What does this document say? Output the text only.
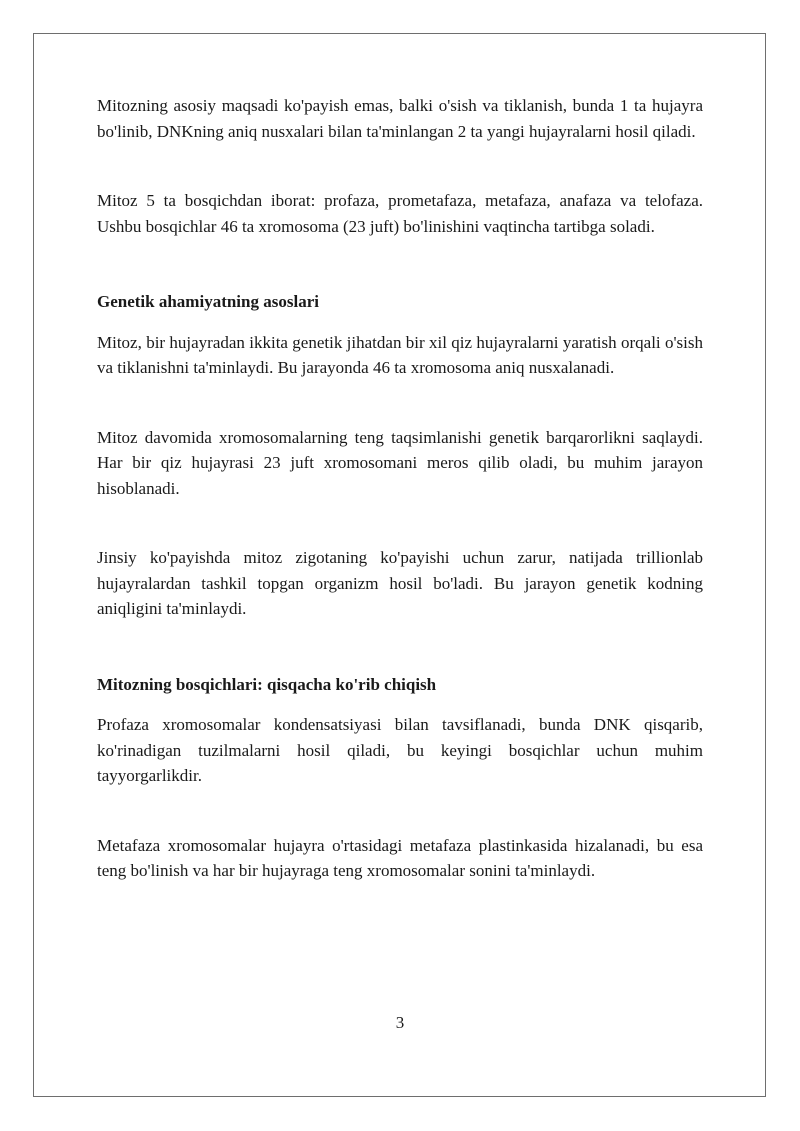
Mitozning asosiy maqsadi ko'payish emas, balki o'sish va tiklanish, bunda 1 ta hujayra bo'linib, DNKning aniq nusxalari bilan ta'minlangan 2 ta yangi hujayralarni hosil qiladi.

Mitoz 5 ta bosqichdan iborat: profaza, prometafaza, metafaza, anafaza va telofaza. Ushbu bosqichlar 46 ta xromosoma (23 juft) bo'linishini vaqtincha tartibga soladi.

Genetik ahamiyatning asoslari

Mitoz, bir hujayradan ikkita genetik jihatdan bir xil qiz hujayralarni yaratish orqali o'sish va tiklanishni ta'minlaydi. Bu jarayonda 46 ta xromosoma aniq nusxalanadi.

Mitoz davomida xromosomalarning teng taqsimlanishi genetik barqarorlikni saqlaydi. Har bir qiz hujayrasi 23 juft xromosomani meros qilib oladi, bu muhim jarayon hisoblanadi.

Jinsiy ko'payishda mitoz zigotaning ko'payishi uchun zarur, natijada trillionlab hujayralardan tashkil topgan organizm hosil bo'ladi. Bu jarayon genetik kodning aniqligini ta'minlaydi.

Mitozning bosqichlari: qisqacha ko'rib chiqish

Profaza xromosomalar kondensatsiyasi bilan tavsiflanadi, bunda DNK qisqarib, ko'rinadigan tuzilmalarni hosil qiladi, bu keyingi bosqichlar uchun muhim tayyorgarlikdir.

Metafaza xromosomalar hujayra o'rtasidagi metafaza plastinkasida hizalanadi, bu esa teng bo'linish va har bir hujayraga teng xromosomalar sonini ta'minlaydi.

3
